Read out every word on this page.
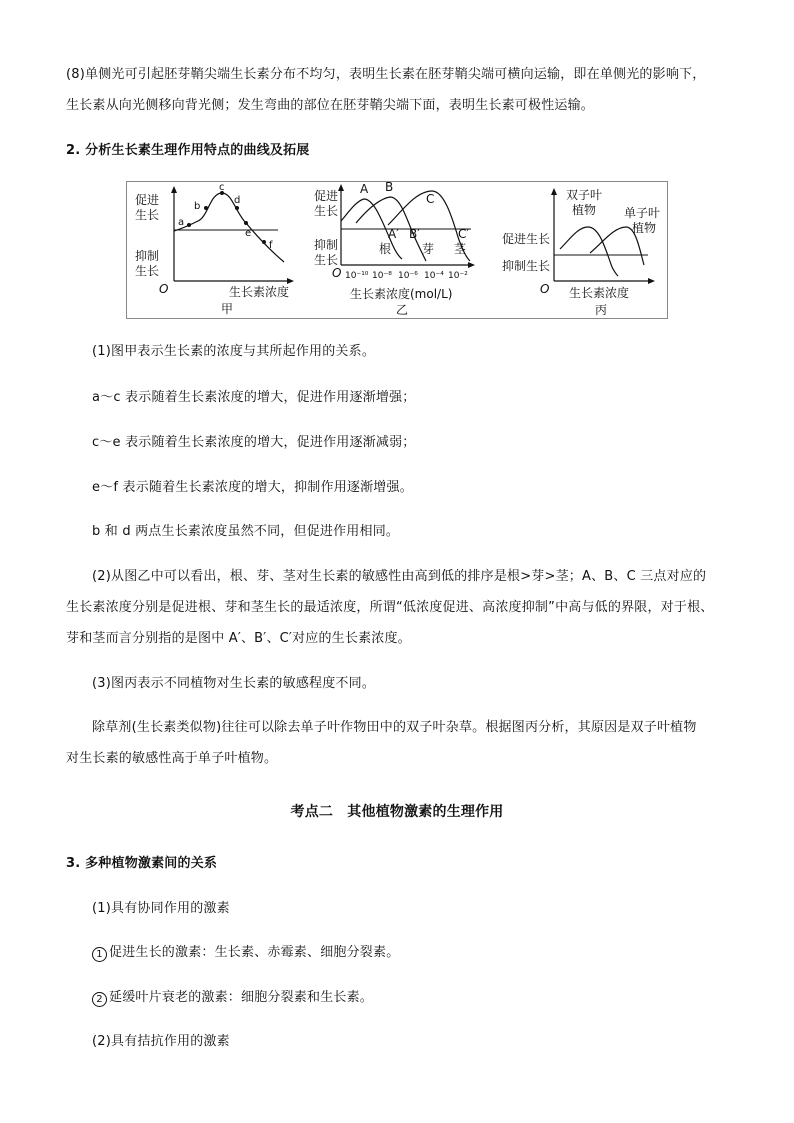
(8)单侧光可引起胚芽鞘尖端生长素分布不均匀，表明生长素在胚芽鞘尖端可横向运输，即在单侧光的影响下，
生长素从向光侧移向背光侧；发生弯曲的部位在胚芽鞘尖端下面，表明生长素可极性运输。
2. 分析生长素生理作用特点的曲线及拓展
a
b
c
d
e
f
促进
生长
抑制
生长
O	生长素浓度
甲
A B
C
A′ B′	C′
根	芽 茎
促进
生长
抑制
生长
O 10⁻¹⁰ 10⁻⁸ 10⁻⁶ 10⁻⁴ 10⁻²
生长素浓度(mol/L)
乙
双子叶
植物 单子叶
植物
促进生长
抑制生长
O 生长素浓度
丙
(1)图甲表示生长素的浓度与其所起作用的关系。
a～c 表示随着生长素浓度的增大，促进作用逐渐增强；
c～e 表示随着生长素浓度的增大，促进作用逐渐减弱；
e～f 表示随着生长素浓度的增大，抑制作用逐渐增强。
b 和 d 两点生长素浓度虽然不同，但促进作用相同。
(2)从图乙中可以看出，根、芽、茎对生长素的敏感性由高到低的排序是根>芽>茎；A、B、C 三点对应的
生长素浓度分别是促进根、芽和茎生长的最适浓度，所谓“低浓度促进、高浓度抑制”中高与低的界限，对于根、
芽和茎而言分别指的是图中 A′、B′、C′对应的生长素浓度。
(3)图丙表示不同植物对生长素的敏感程度不同。
除草剂(生长素类似物)往往可以除去单子叶作物田中的双子叶杂草。根据图丙分析，其原因是双子叶植物
对生长素的敏感性高于单子叶植物。
考点二　其他植物激素的生理作用
3. 多种植物激素间的关系
(1)具有协同作用的激素
1 促进生长的激素：生长素、赤霉素、细胞分裂素。
2 延缓叶片衰老的激素：细胞分裂素和生长素。
(2)具有拮抗作用的激素
